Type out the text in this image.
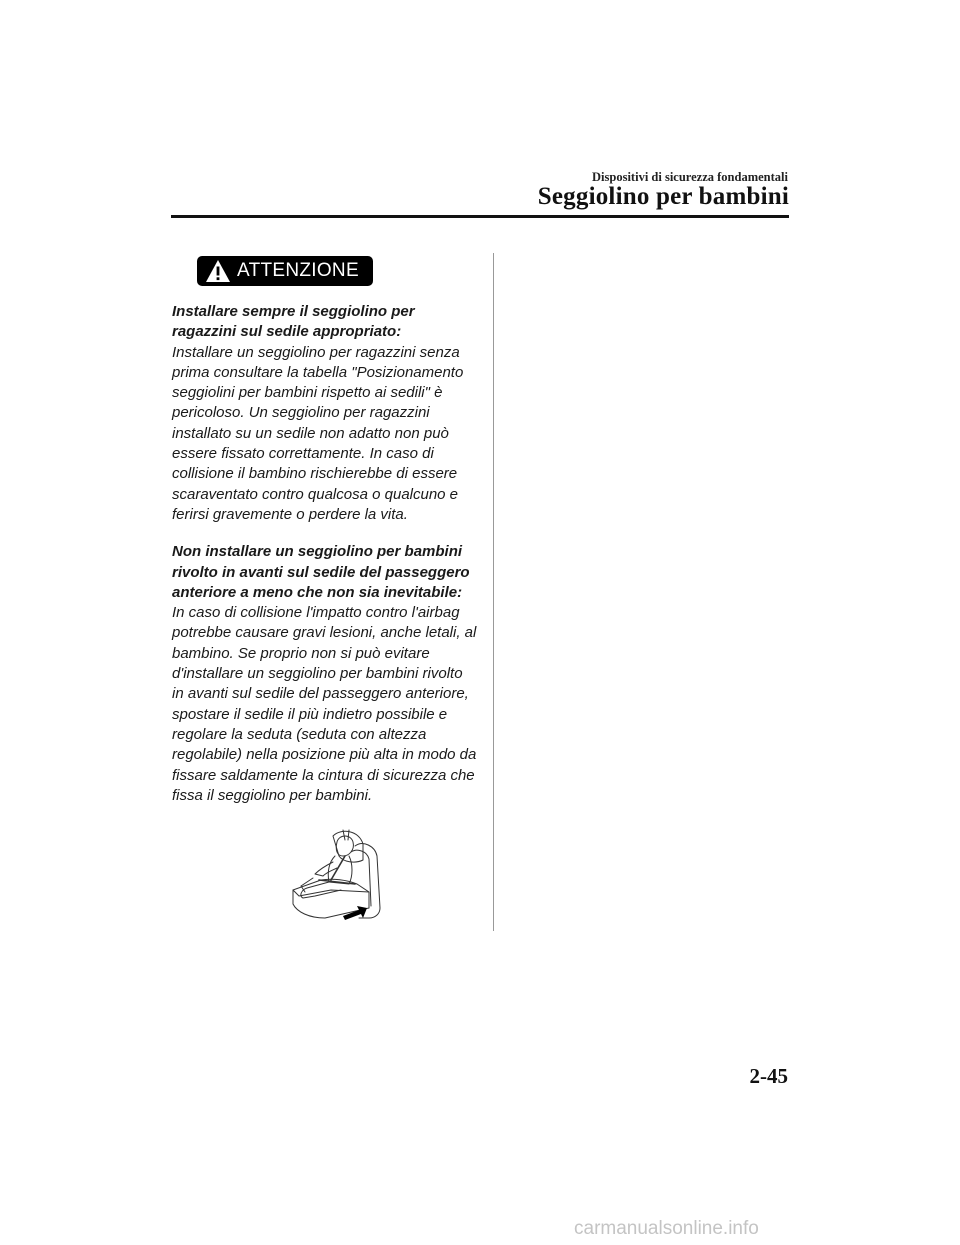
Dispositivi di sicurezza fondamentali
Seggiolino per bambini
ATTENZIONE

Installare sempre il seggiolino per ragazzini sul sedile appropriato:

Installare un seggiolino per ragazzini senza prima consultare la tabella "Posizionamento seggiolini per bambini rispetto ai sedili" è pericoloso. Un seggiolino per ragazzini installato su un sedile non adatto non può essere fissato correttamente. In caso di collisione il bambino rischierebbe di essere scaraventato contro qualcosa o qualcuno e ferirsi gravemente o perdere la vita.

Non installare un seggiolino per bambini rivolto in avanti sul sedile del passeggero anteriore a meno che non sia inevitabile:

In caso di collisione l'impatto contro l'airbag potrebbe causare gravi lesioni, anche letali, al bambino. Se proprio non si può evitare d'installare un seggiolino per bambini rivolto in avanti sul sedile del passeggero anteriore, spostare il sedile il più indietro possibile e regolare la seduta (seduta con altezza regolabile) nella posizione più alta in modo da fissare saldamente la cintura di sicurezza che fissa il seggiolino per bambini.

2-45
carmanualsonline.info
